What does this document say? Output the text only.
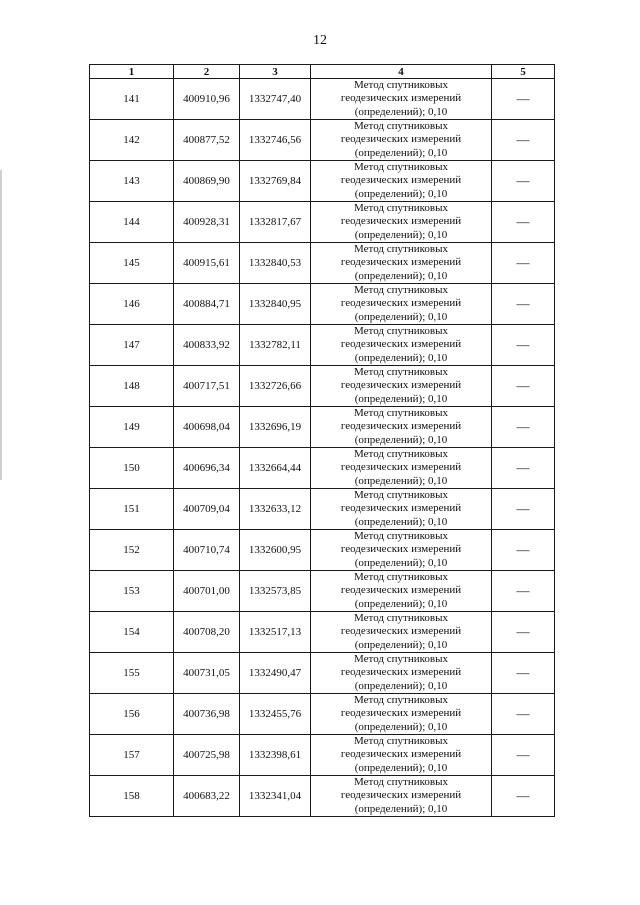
12
1	2	3	4	5
141	400910,96	1332747,40	Метод спутниковых
геодезических измерений
(определений); 0,10	—
142	400877,52	1332746,56	Метод спутниковых
геодезических измерений
(определений); 0,10	—
143	400869,90	1332769,84	Метод спутниковых
геодезических измерений
(определений); 0,10	—
144	400928,31	1332817,67	Метод спутниковых
геодезических измерений
(определений); 0,10	—
145	400915,61	1332840,53	Метод спутниковых
геодезических измерений
(определений); 0,10	—
146	400884,71	1332840,95	Метод спутниковых
геодезических измерений
(определений); 0,10	—
147	400833,92	1332782,11	Метод спутниковых
геодезических измерений
(определений); 0,10	—
148	400717,51	1332726,66	Метод спутниковых
геодезических измерений
(определений); 0,10	—
149	400698,04	1332696,19	Метод спутниковых
геодезических измерений
(определений); 0,10	—
150	400696,34	1332664,44	Метод спутниковых
геодезических измерений
(определений); 0,10	—
151	400709,04	1332633,12	Метод спутниковых
геодезических измерений
(определений); 0,10	—
152	400710,74	1332600,95	Метод спутниковых
геодезических измерений
(определений); 0,10	—
153	400701,00	1332573,85	Метод спутниковых
геодезических измерений
(определений); 0,10	—
154	400708,20	1332517,13	Метод спутниковых
геодезических измерений
(определений); 0,10	—
155	400731,05	1332490,47	Метод спутниковых
геодезических измерений
(определений); 0,10	—
156	400736,98	1332455,76	Метод спутниковых
геодезических измерений
(определений); 0,10	—
157	400725,98	1332398,61	Метод спутниковых
геодезических измерений
(определений); 0,10	—
158	400683,22	1332341,04	Метод спутниковых
геодезических измерений
(определений); 0,10	—
